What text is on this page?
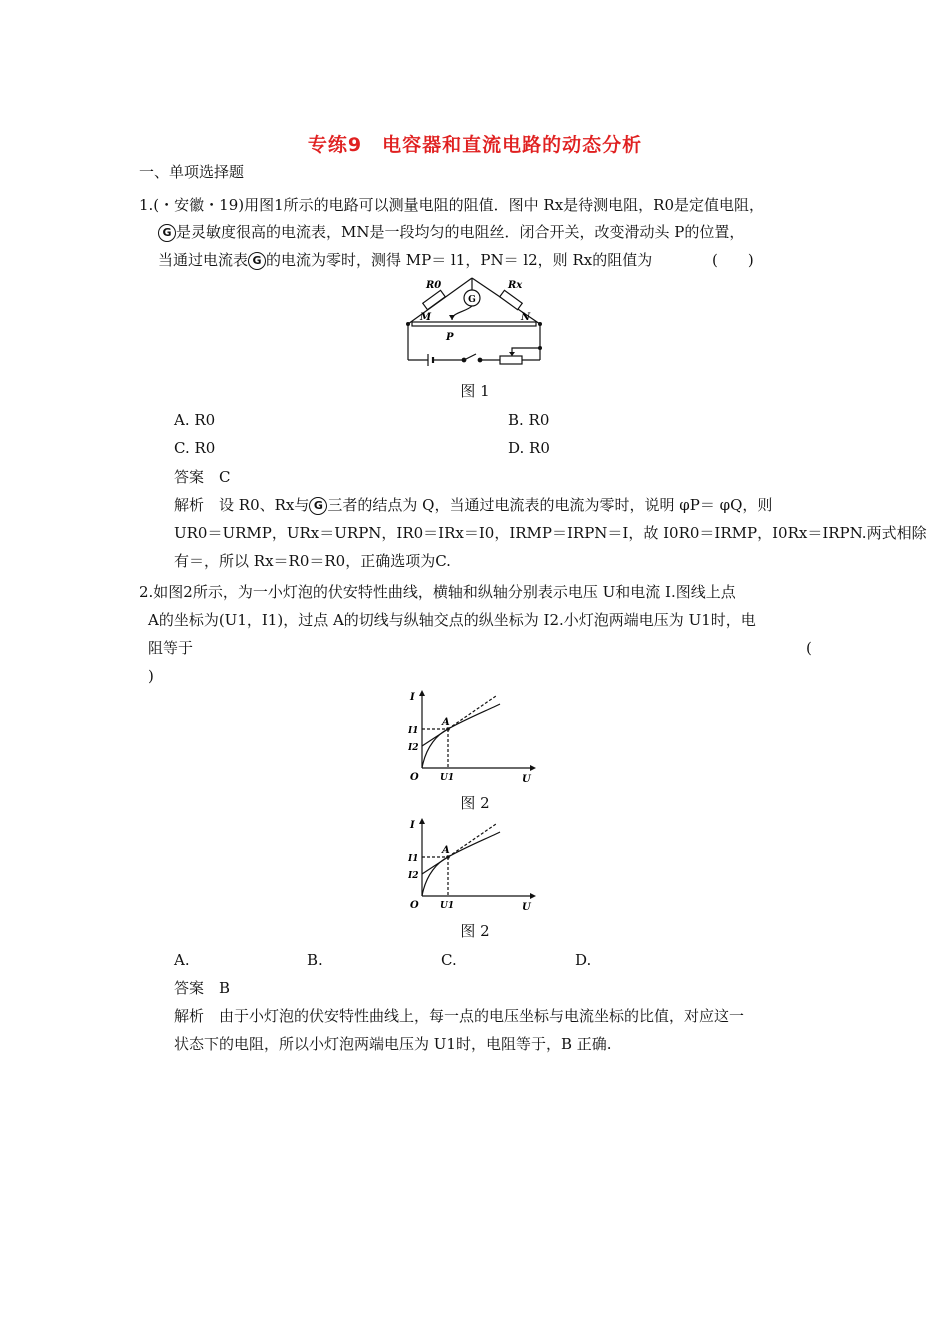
专练9　电容器和直流电路的动态分析
一、单项选择题
1.(・安徽・19)用图1所示的电路可以测量电阻的阻值．图中 Rx是待测电阻，R0是定值电阻，
G 是灵敏度很高的电流表，MN是一段均匀的电阻丝．闭合开关，改变滑动头 P的位置，
当通过电流表 G 的电流为零时，测得 MP＝ l1，PN＝ l2，则 Rx的阻值为	(　　)
G
R0	Rx
M	N
P
图 1
A. R0	B. R0
C. R0	D. R0
答案　 C
解析　 设 R0、Rx与 G 三者的结点为 Q，当通过电流表的电流为零时，说明 φP＝ φQ，则
UR0＝URMP，URx＝URPN，IR0＝IRx＝I0，IRMP＝IRPN＝I，故 I0R0＝IRMP，I0Rx＝IRPN.两式相除
有＝，所以 Rx＝R0＝R0，正确选项为C.
2.如图2所示，为一小灯泡的伏安特性曲线，横轴和纵轴分别表示电压 U和电流 I.图线上点
A的坐标为(U1，I1)，过点 A的切线与纵轴交点的纵坐标为 I2.小灯泡两端电压为 U1时，电
阻等于	(
)
I
U
O
A
I1
I2
U1
图 2
I
U
O
A
I1
I2
U1
图 2
A.	B.	C.	D.
答案　 B
解析　 由于小灯泡的伏安特性曲线上，每一点的电压坐标与电流坐标的比值，对应这一
状态下的电阻，所以小灯泡两端电压为 U1时，电阻等于，B 正确.
